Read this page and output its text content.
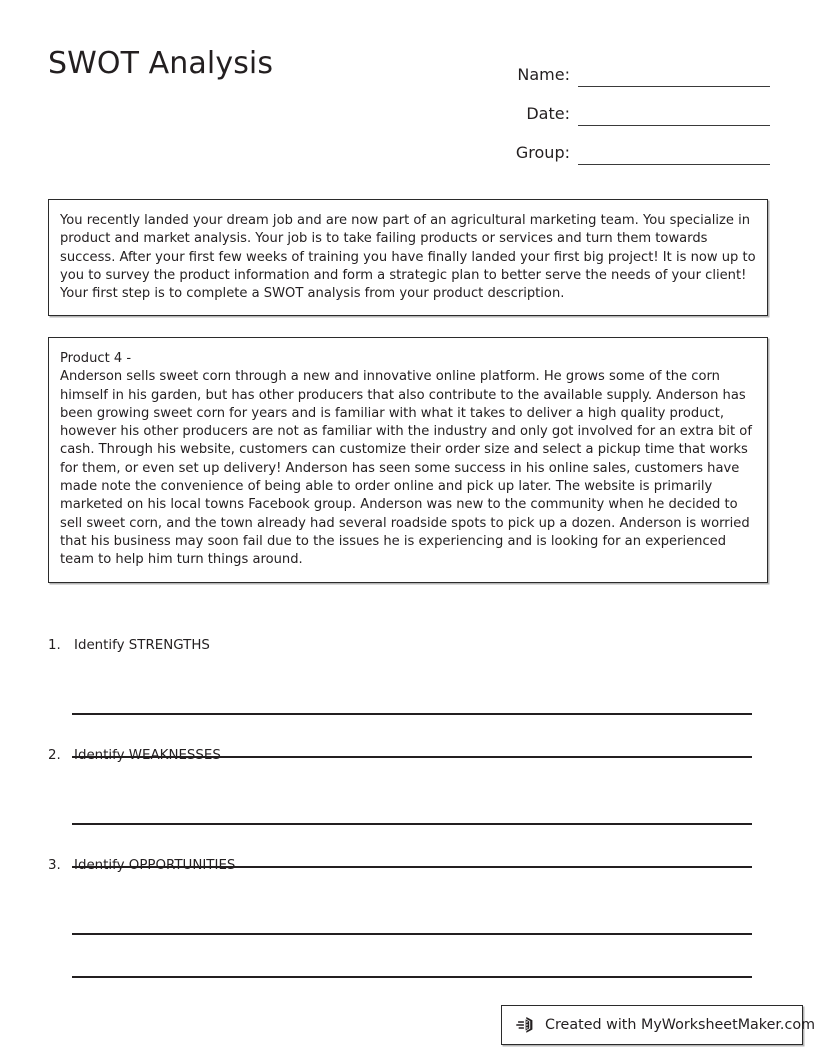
SWOT Analysis	Name:
Date:
Group:

You recently landed your dream job and are now part of an agricultural marketing team. You specialize in product and market analysis. Your job is to take failing products or services and turn them towards success. After your first few weeks of training you have finally landed your first big project! It is now up to you to survey the product information and form a strategic plan to better serve the needs of your client! Your first step is to complete a SWOT analysis from your product description.

Product 4 -

Anderson sells sweet corn through a new and innovative online platform. He grows some of the corn himself in his garden, but has other producers that also contribute to the available supply. Anderson has been growing sweet corn for years and is familiar with what it takes to deliver a high quality product, however his other producers are not as familiar with the industry and only got involved for an extra bit of cash. Through his website, customers can customize their order size and select a pickup time that works for them, or even set up delivery! Anderson has seen some success in his online sales, customers have made note the convenience of being able to order online and pick up later. The website is primarily marketed on his local towns Facebook group. Anderson was new to the community when he decided to sell sweet corn, and the town already had several roadside spots to pick up a dozen. Anderson is worried that his business may soon fail due to the issues he is experiencing and is looking for an experienced team to help him turn things around.

1. Identify STRENGTHS
2. Identify WEAKNESSES
3. Identify OPPORTUNITIES
Created with MyWorksheetMaker.com
